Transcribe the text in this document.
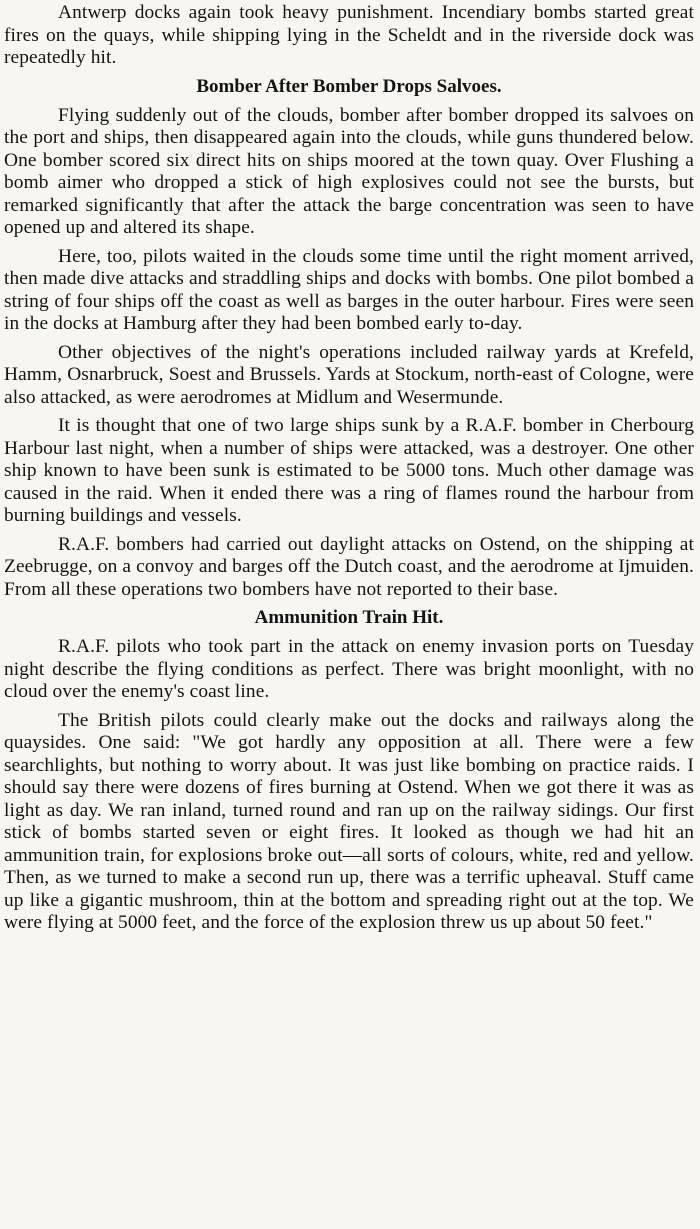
Antwerp docks again took heavy punishment. Incendiary bombs started great fires on the quays, while shipping lying in the Scheldt and in the riverside dock was repeatedly hit.

Bomber After Bomber Drops Salvoes.

Flying suddenly out of the clouds, bomber after bomber dropped its salvoes on the port and ships, then disappeared again into the clouds, while guns thundered below. One bomber scored six direct hits on ships moored at the town quay. Over Flushing a bomb aimer who dropped a stick of high explosives could not see the bursts, but remarked significantly that after the attack the barge concentration was seen to have opened up and altered its shape.

Here, too, pilots waited in the clouds some time until the right moment arrived, then made dive attacks and straddling ships and docks with bombs. One pilot bombed a string of four ships off the coast as well as barges in the outer harbour. Fires were seen in the docks at Hamburg after they had been bombed early to-day.

Other objectives of the night's operations included railway yards at Krefeld, Hamm, Osnarbruck, Soest and Brussels. Yards at Stockum, north-east of Cologne, were also attacked, as were aerodromes at Midlum and Wesermunde.

It is thought that one of two large ships sunk by a R.A.F. bomber in Cherbourg Harbour last night, when a number of ships were attacked, was a destroyer. One other ship known to have been sunk is estimated to be 5000 tons. Much other damage was caused in the raid. When it ended there was a ring of flames round the harbour from burning buildings and vessels.

R.A.F. bombers had carried out daylight attacks on Ostend, on the shipping at Zeebrugge, on a convoy and barges off the Dutch coast, and the aerodrome at Ijmuiden. From all these operations two bombers have not reported to their base.

Ammunition Train Hit.

R.A.F. pilots who took part in the attack on enemy invasion ports on Tuesday night describe the flying conditions as perfect. There was bright moonlight, with no cloud over the enemy's coast line.

The British pilots could clearly make out the docks and railways along the quaysides. One said: "We got hardly any opposition at all. There were a few searchlights, but nothing to worry about. It was just like bombing on practice raids. I should say there were dozens of fires burning at Ostend. When we got there it was as light as day. We ran inland, turned round and ran up on the railway sidings. Our first stick of bombs started seven or eight fires. It looked as though we had hit an ammunition train, for explosions broke out—all sorts of colours, white, red and yellow. Then, as we turned to make a second run up, there was a terrific upheaval. Stuff came up like a gigantic mushroom, thin at the bottom and spreading right out at the top. We were flying at 5000 feet, and the force of the explosion threw us up about 50 feet."
